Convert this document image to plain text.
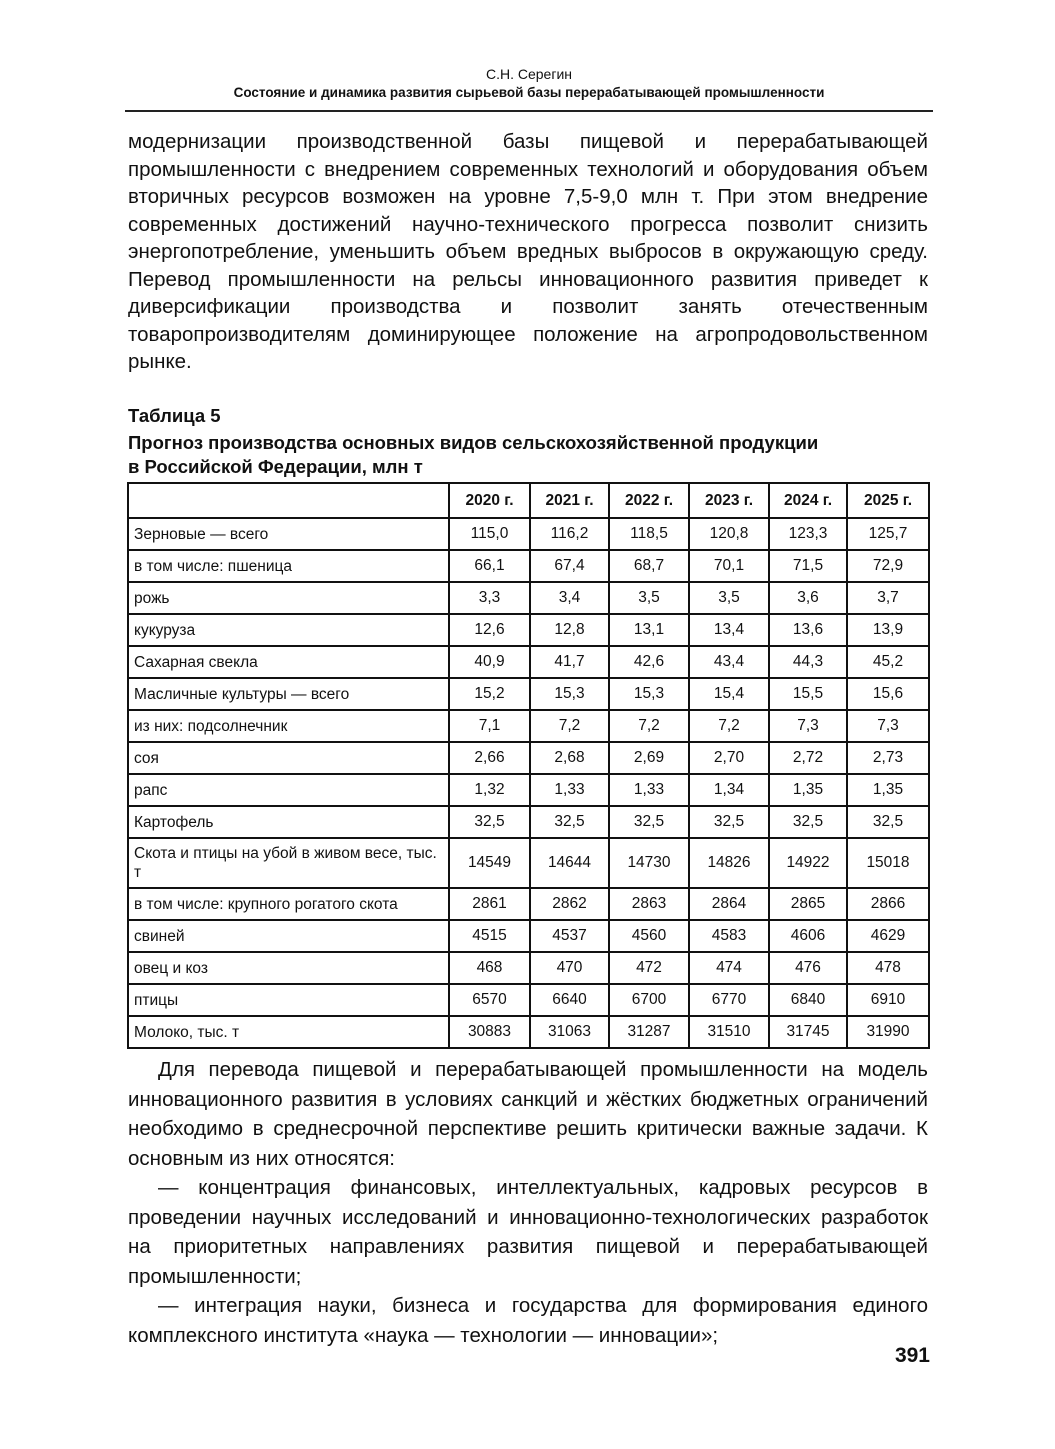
С.Н. Серегин
Состояние и динамика развития сырьевой базы перерабатывающей промышленности

модернизации производственной базы пищевой и перерабатывающей промышленности с внедрением современных технологий и оборудования объем вторичных ресурсов возможен на уровне 7,5-9,0 млн т. При этом внедрение современных достижений научно-технического прогресса позволит снизить энергопотребление, уменьшить объем вредных выбросов в окружающую среду. Перевод промышленности на рельсы инновационного развития приведет к диверсификации производства и позволит занять отечественным товаропроизводителям доминирующее положение на агропродовольственном рынке.

Таблица 5
Прогноз производства основных видов сельскохозяйственной продукции
в Российской Федерации, млн т
	2020 г.	2021 г.	2022 г.	2023 г.	2024 г.	2025 г.
Зерновые — всего	115,0	116,2	118,5	120,8	123,3	125,7
в том числе: пшеница	66,1	67,4	68,7	70,1	71,5	72,9
рожь	3,3	3,4	3,5	3,5	3,6	3,7
кукуруза	12,6	12,8	13,1	13,4	13,6	13,9
Сахарная свекла	40,9	41,7	42,6	43,4	44,3	45,2
Масличные культуры — всего	15,2	15,3	15,3	15,4	15,5	15,6
из них: подсолнечник	7,1	7,2	7,2	7,2	7,3	7,3
соя	2,66	2,68	2,69	2,70	2,72	2,73
рапс	1,32	1,33	1,33	1,34	1,35	1,35
Картофель	32,5	32,5	32,5	32,5	32,5	32,5
Скота и птицы на убой в живом весе, тыс. т	14549	14644	14730	14826	14922	15018
в том числе: крупного рогатого скота	2861	2862	2863	2864	2865	2866
свиней	4515	4537	4560	4583	4606	4629
овец и коз	468	470	472	474	476	478
птицы	6570	6640	6700	6770	6840	6910
Молоко, тыс. т	30883	31063	31287	31510	31745	31990

Для перевода пищевой и перерабатывающей промышленности на модель инновационного развития в условиях санкций и жёстких бюджетных ограничений необходимо в среднесрочной перспективе решить критически важные задачи. К основным из них относятся:

— концентрация финансовых, интеллектуальных, кадровых ресурсов в проведении научных исследований и инновационно-технологических разработок на приоритетных направлениях развития пищевой и перерабатывающей промышленности;

— интеграция науки, бизнеса и государства для формирования единого комплексного института «наука — технологии — инновации»;

391
